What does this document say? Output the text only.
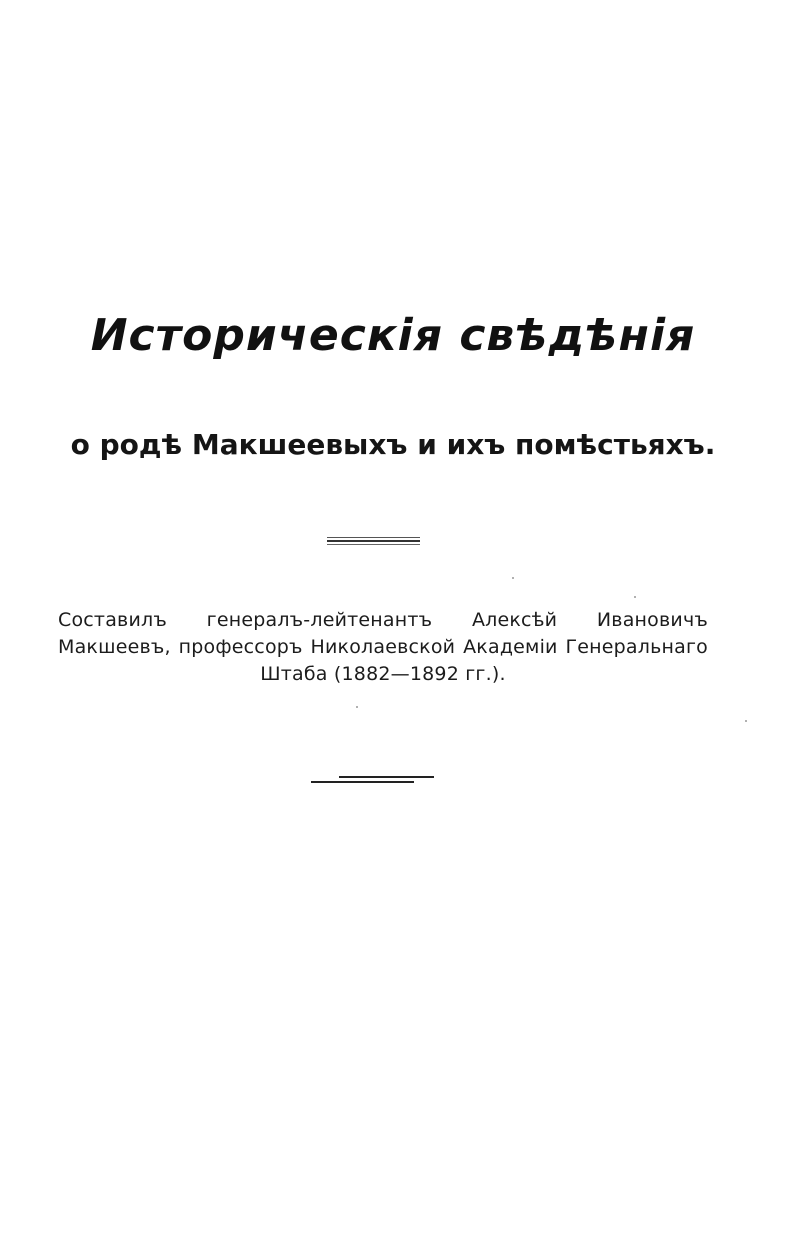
Историческія свѣдѣнія
о родѣ Макшеевыхъ и ихъ помѣстьяхъ.
Составилъ генералъ-лейтенантъ Алексѣй Ивановичъ Макшеевъ, профессоръ Николаевской Академіи Генеральнаго Штаба (1882—1892 гг.).
